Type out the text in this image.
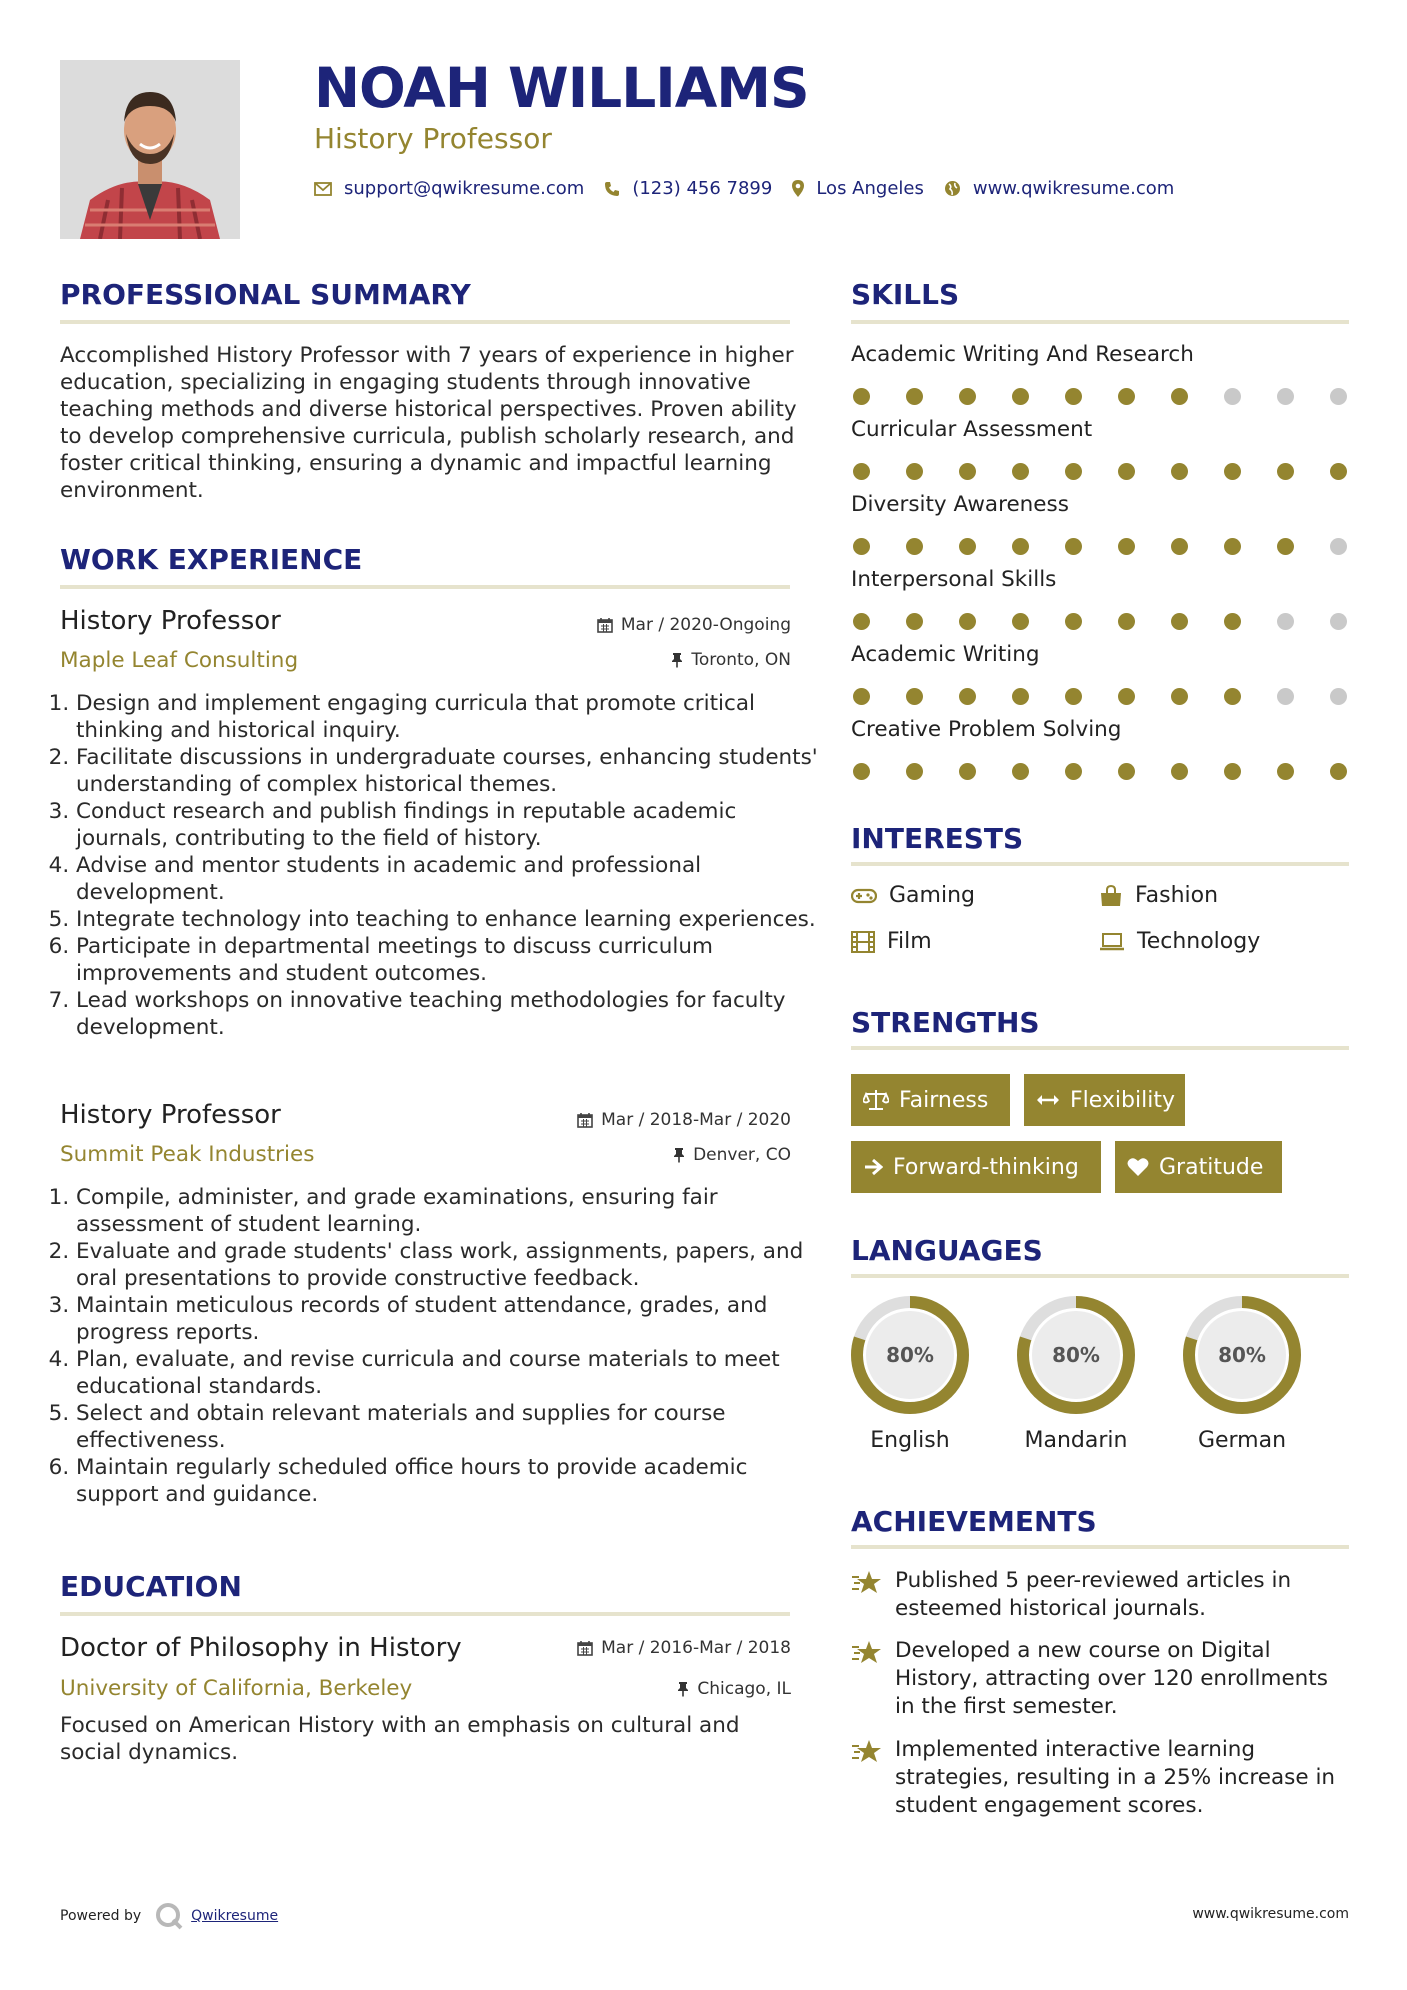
NOAH WILLIAMS
History Professor
support@qwikresume.com	(123) 456 7899 Los Angeles	www.qwikresume.com
PROFESSIONAL SUMMARY
Accomplished History Professor with 7 years of experience in higher education, specializing in engaging students through innovative teaching methods and diverse historical perspectives. Proven ability to develop comprehensive curricula, publish scholarly research, and foster critical thinking, ensuring a dynamic and impactful learning environment.
WORK EXPERIENCE
History Professor	Mar / 2020-Ongoing
Maple Leaf Consulting	Toronto, ON
1. Design and implement engaging curricula that promote critical thinking and historical inquiry.
2. Facilitate discussions in undergraduate courses, enhancing students' understanding of complex historical themes.
3. Conduct research and publish findings in reputable academic journals, contributing to the field of history.
4. Advise and mentor students in academic and professional development.
5. Integrate technology into teaching to enhance learning experiences.
6. Participate in departmental meetings to discuss curriculum improvements and student outcomes.
7. Lead workshops on innovative teaching methodologies for faculty development.
History Professor	Mar / 2018-Mar / 2020
Summit Peak Industries	Denver, CO
1. Compile, administer, and grade examinations, ensuring fair assessment of student learning.
2. Evaluate and grade students' class work, assignments, papers, and oral presentations to provide constructive feedback.
3. Maintain meticulous records of student attendance, grades, and progress reports.
4. Plan, evaluate, and revise curricula and course materials to meet educational standards.
5. Select and obtain relevant materials and supplies for course effectiveness.
6. Maintain regularly scheduled office hours to provide academic support and guidance.
EDUCATION
Doctor of Philosophy in History	Mar / 2016-Mar / 2018
University of California, Berkeley	Chicago, IL
Focused on American History with an emphasis on cultural and social dynamics.
SKILLS
Academic Writing And Research
Curricular Assessment
Diversity Awareness
Interpersonal Skills
Academic Writing
Creative Problem Solving
INTERESTS
Gaming	Fashion
Film	Technology
STRENGTHS
Fairness	Flexibility
Forward-thinking	Gratitude
LANGUAGES
80%
English
80%
Mandarin
80%
German
ACHIEVEMENTS
Published 5 peer-reviewed articles in esteemed historical journals.
Developed a new course on Digital History, attracting over 120 enrollments in the first semester.
Implemented interactive learning strategies, resulting in a 25% increase in student engagement scores.
Powered by	Qwikresume	www.qwikresume.com
